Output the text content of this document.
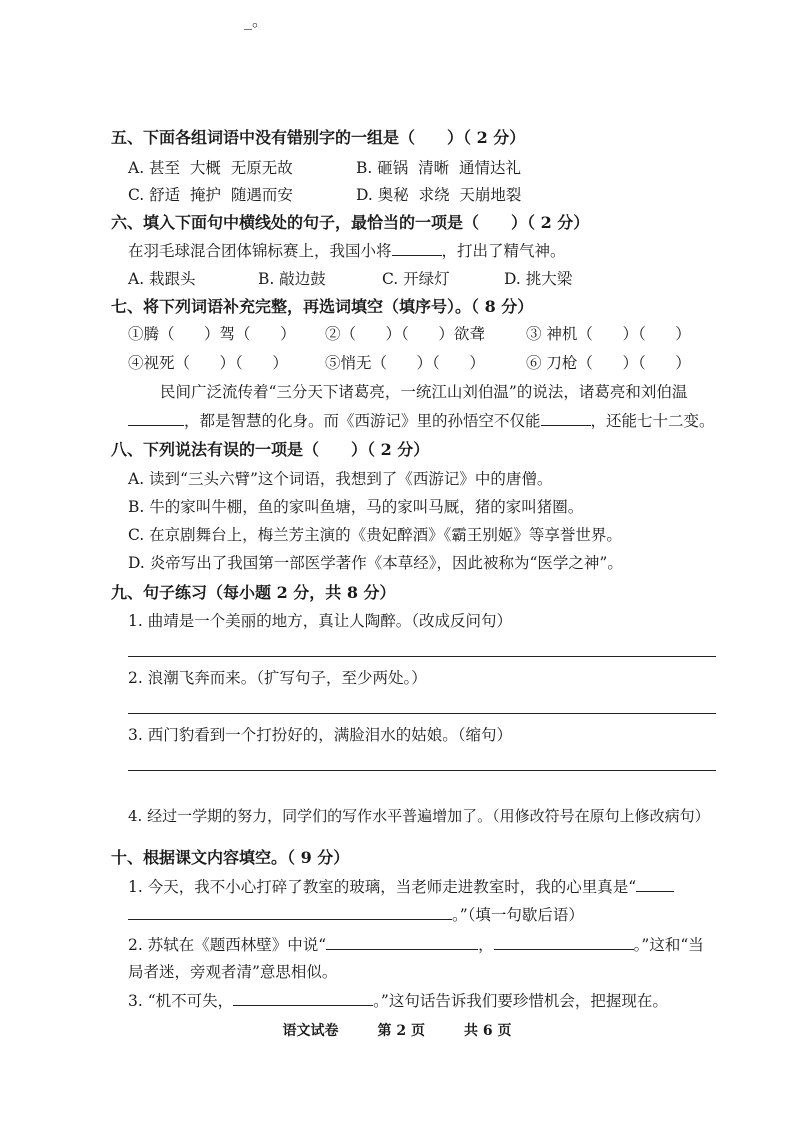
_。
五、下面各组词语中没有错别字的一组是（　　）（ 2 分）
A. 甚至  大概  无原无故	B. 砸锅  清晰  通情达礼
C. 舒适  掩护  随遇而安	D. 奥秘  求绕  天崩地裂
六、填入下面句中横线处的句子，最恰当的一项是（　　）（ 2 分）
在羽毛球混合团体锦标赛上，我国小将	，打出了精气神。
A. 栽跟头	B. 敲边鼓	C. 开绿灯	D. 挑大梁
七、将下列词语补充完整，再选词填空（填序号）。（ 8 分）
①腾（      ）驾（      ） ②（      ）（      ）欲聋	③ 神机（      ）（      ）
④视死（      ）（      ） ⑤悄无（      ）（      ）	⑥ 刀枪（      ）（      ）
民间广泛流传着“三分天下诸葛亮，一统江山刘伯温”的说法，诸葛亮和刘伯温
，都是智慧的化身。而《西游记》里的孙悟空不仅能	，还能七十二变。
八、下列说法有误的一项是（　　）（ 2 分）
A. 读到“三头六臂”这个词语，我想到了《西游记》中的唐僧。
B. 牛的家叫牛棚，鱼的家叫鱼塘，马的家叫马厩，猪的家叫猪圈。
C. 在京剧舞台上，梅兰芳主演的《贵妃醉酒》《霸王别姬》等享誉世界。
D. 炎帝写出了我国第一部医学著作《本草经》，因此被称为“医学之神”。
九、句子练习（每小题 2 分，共 8 分）
1. 曲靖是一个美丽的地方，真让人陶醉。（改成反问句）
2. 浪潮飞奔而来。（扩写句子，至少两处。）
3. 西门豹看到一个打扮好的，满脸泪水的姑娘。（缩句）
4. 经过一学期的努力，同学们的写作水平普遍增加了。（用修改符号在原句上修改病句）
十、根据课文内容填空。（ 9 分）
1. 今天，我不小心打碎了教室的玻璃，当老师走进教室时，我的心里真是“
。”（填一句歇后语）
2. 苏轼在《题西林壁》中说“	，	。”这和“当
局者迷，旁观者清”意思相似。
3. “机不可失，	。”这句话告诉我们要珍惜机会，把握现在。
语文试卷	第 2 页	共 6 页
